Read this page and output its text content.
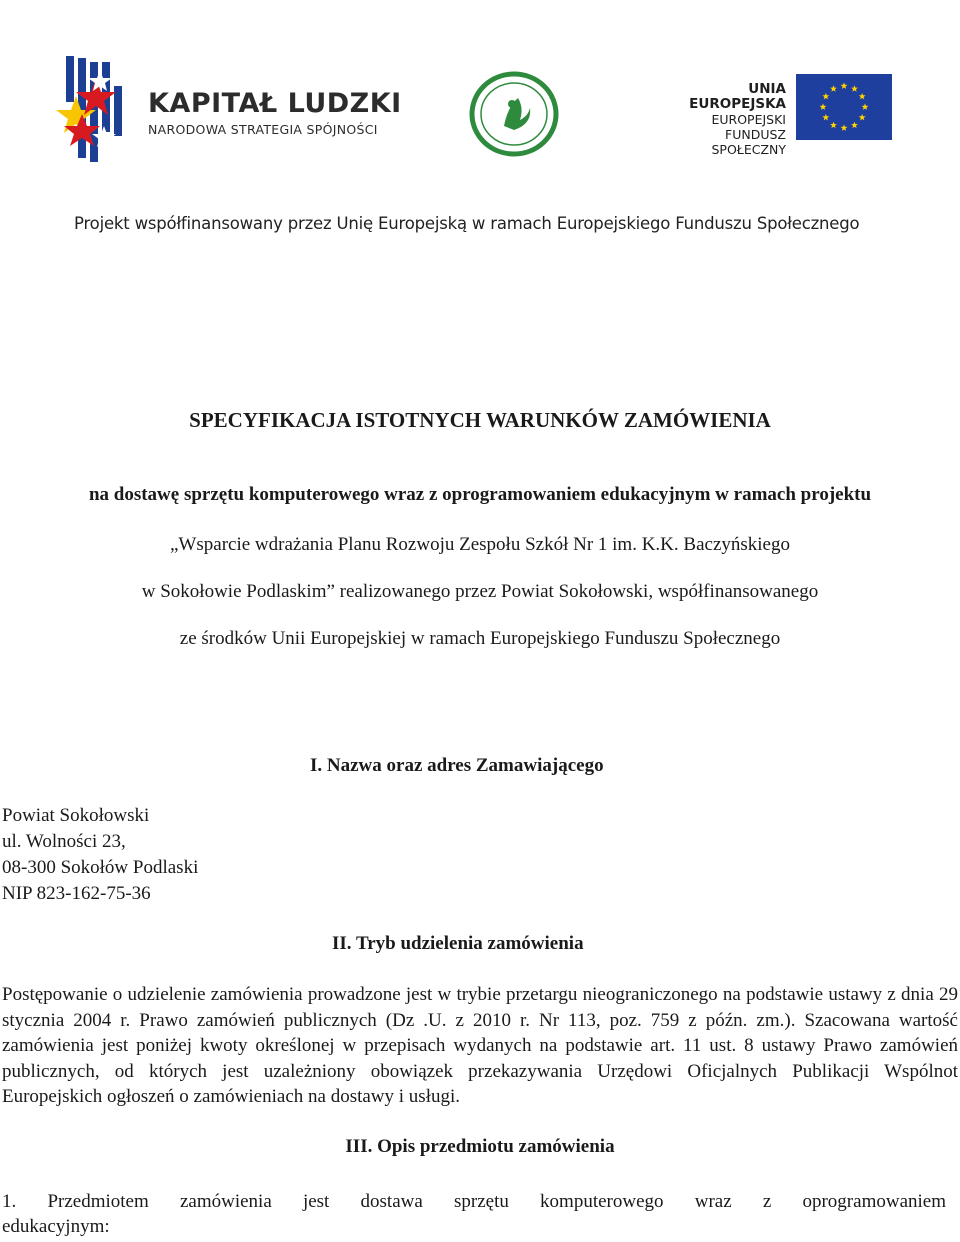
KAPITAŁ LUDZKI
NARODOWA STRATEGIA SPÓJNOŚCI
UNIA EUROPEJSKA
EUROPEJSKI
FUNDUSZ SPOŁECZNY
Projekt współfinansowany przez Unię Europejską w ramach Europejskiego Funduszu Społecznego
SPECYFIKACJA ISTOTNYCH WARUNKÓW ZAMÓWIENIA
na dostawę sprzętu komputerowego wraz z oprogramowaniem edukacyjnym w ramach projektu
„Wsparcie wdrażania Planu Rozwoju Zespołu Szkół Nr 1 im. K.K. Baczyńskiego
w Sokołowie Podlaskim” realizowanego przez Powiat Sokołowski, współfinansowanego
ze środków Unii Europejskiej w ramach Europejskiego Funduszu Społecznego
I. Nazwa oraz adres Zamawiającego
Powiat Sokołowski
ul. Wolności 23,
08-300 Sokołów Podlaski
NIP 823-162-75-36
II. Tryb udzielenia zamówienia
Postępowanie o udzielenie zamówienia prowadzone jest w trybie przetargu nieograniczonego na podstawie ustawy z dnia 29 stycznia 2004 r. Prawo zamówień publicznych (Dz .U. z 2010 r. Nr 113, poz. 759 z późn. zm.). Szacowana wartość zamówienia jest poniżej kwoty określonej w przepisach wydanych na podstawie art. 11 ust. 8 ustawy Prawo zamówień publicznych, od których jest uzależniony obowiązek przekazywania Urzędowi Oficjalnych Publikacji Wspólnot Europejskich ogłoszeń o zamówieniach na dostawy i usługi.
III. Opis przedmiotu zamówienia
1. Przedmiotem zamówienia jest dostawa sprzętu komputerowego wraz z oprogramowaniem
edukacyjnym:
